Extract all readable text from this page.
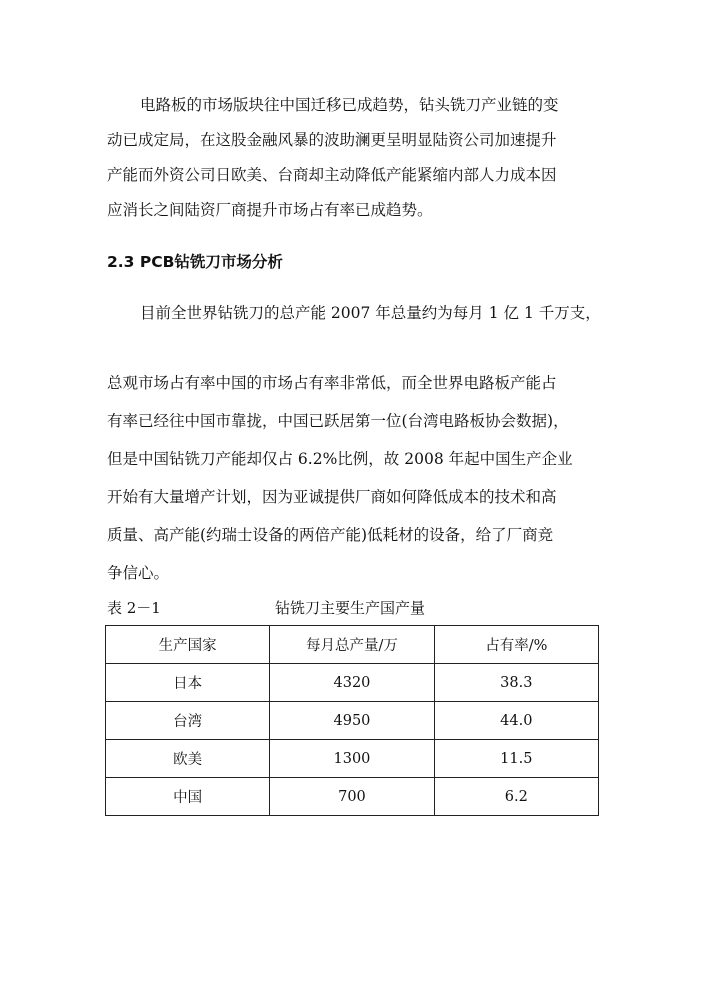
电路板的市场版块往中国迁移已成趋势，钻头铣刀产业链的变
动已成定局，在这股金融风暴的波助澜更呈明显陆资公司加速提升
产能而外资公司日欧美、台商却主动降低产能紧缩内部人力成本因
应消长之间陆资厂商提升市场占有率已成趋势。
2.3 PCB钻铣刀市场分析
目前全世界钻铣刀的总产能 2007 年总量约为每月 1 亿 1 千万支，
总观市场占有率中国的市场占有率非常低，而全世界电路板产能占
有率已经往中国市靠拢，中国已跃居第一位(台湾电路板协会数据)，
但是中国钻铣刀产能却仅占 6.2%比例，故 2008 年起中国生产企业
开始有大量增产计划，因为亚诚提供厂商如何降低成本的技术和高
质量、高产能(约瑞士设备的两倍产能)低耗材的设备，给了厂商竞
争信心。
表 2－1	钻铣刀主要生产国产量
生产国家	每月总产量/万	占有率/%
日本	4320	38.3
台湾	4950	44.0
欧美	1300	11.5
中国	700	6.2
